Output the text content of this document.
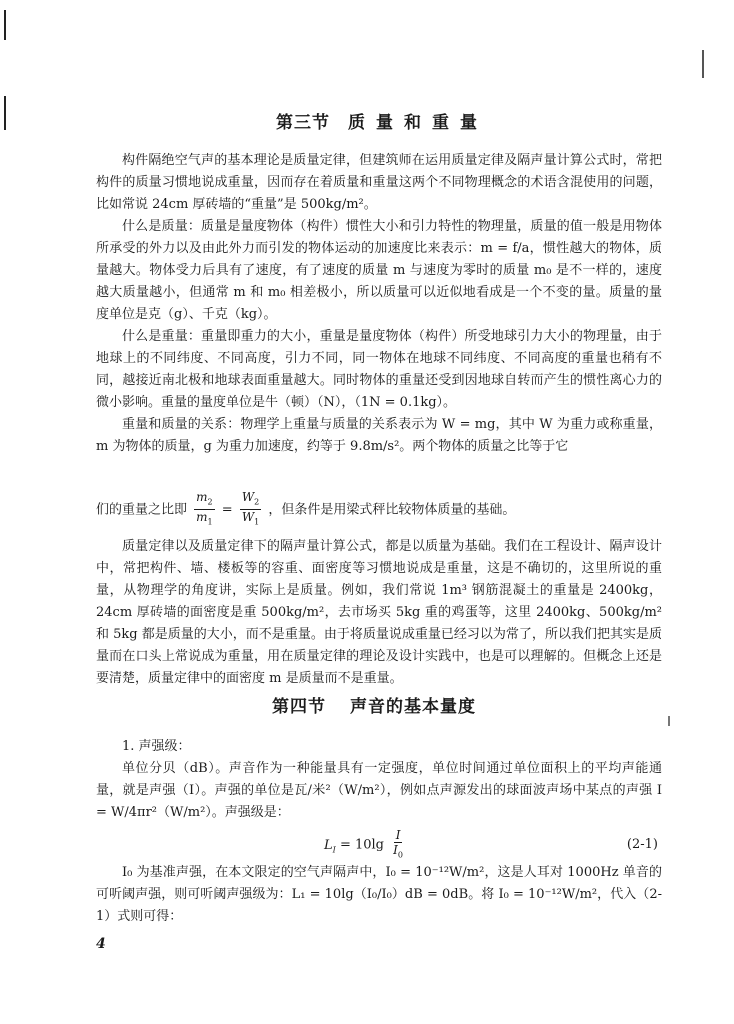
第三节 质 量 和 重 量

构件隔绝空气声的基本理论是质量定律，但建筑师在运用质量定律及隔声量计算公式时，常把构件的质量习惯地说成重量，因而存在着质量和重量这两个不同物理概念的术语含混使用的问题，比如常说 24cm 厚砖墙的“重量”是 500kg/m²。

什么是质量：质量是量度物体（构件）惯性大小和引力特性的物理量，质量的值一般是用物体所承受的外力以及由此外力而引发的物体运动的加速度比来表示：m = f/a，惯性越大的物体，质量越大。物体受力后具有了速度，有了速度的质量 m 与速度为零时的质量 m₀ 是不一样的，速度越大质量越小，但通常 m 和 m₀ 相差极小，所以质量可以近似地看成是一个不变的量。质量的量度单位是克（g）、千克（kg）。

什么是重量：重量即重力的大小，重量是量度物体（构件）所受地球引力大小的物理量，由于地球上的不同纬度、不同高度，引力不同，同一物体在地球不同纬度、不同高度的重量也稍有不同，越接近南北极和地球表面重量越大。同时物体的重量还受到因地球自转而产生的惯性离心力的微小影响。重量的量度单位是牛（顿）（N），（1N = 0.1kg）。

重量和质量的关系：物理学上重量与质量的关系表示为 W = mg，其中 W 为重力或称重量，m 为物体的质量，g 为重力加速度，约等于 9.8m/s²。两个物体的质量之比等于它

们的重量之比即 $\frac{m_2}{m_1} = \frac{W_2}{W_1}$ ，但条件是用梁式秤比较物体质量的基础。

质量定律以及质量定律下的隔声量计算公式，都是以质量为基础。我们在工程设计、隔声设计中，常把构件、墙、楼板等的容重、面密度等习惯地说成是重量，这是不确切的，这里所说的重量，从物理学的角度讲，实际上是质量。例如，我们常说 1m³ 钢筋混凝土的重量是 2400kg，24cm 厚砖墙的面密度是重 500kg/m²，去市场买 5kg 重的鸡蛋等，这里 2400kg、500kg/m² 和 5kg 都是质量的大小，而不是重量。由于将质量说成重量已经习以为常了，所以我们把其实是质量而在口头上常说成为重量，用在质量定律的理论及设计实践中，也是可以理解的。但概念上还是要清楚，质量定律中的面密度 m 是质量而不是重量。

第四节 声音的基本量度

1. 声强级：

单位分贝（dB）。声音作为一种能量具有一定强度，单位时间通过单位面积上的平均声能通量，就是声强（I）。声强的单位是瓦/米²（W/m²），例如点声源发出的球面波声场中某点的声强 I = W/4πr²（W/m²）。声强级是：

$L_I = 10\lg \frac{I}{I_0}$	(2-1)

I₀ 为基准声强，在本文限定的空气声隔声中，I₀ = 10⁻¹²W/m²，这是人耳对 1000Hz 单音的可听阈声强，则可听阈声强级为：L₁ = 10lg（I₀/I₀）dB = 0dB。将 I₀ = 10⁻¹²W/m²，代入（2-1）式则可得：

4
